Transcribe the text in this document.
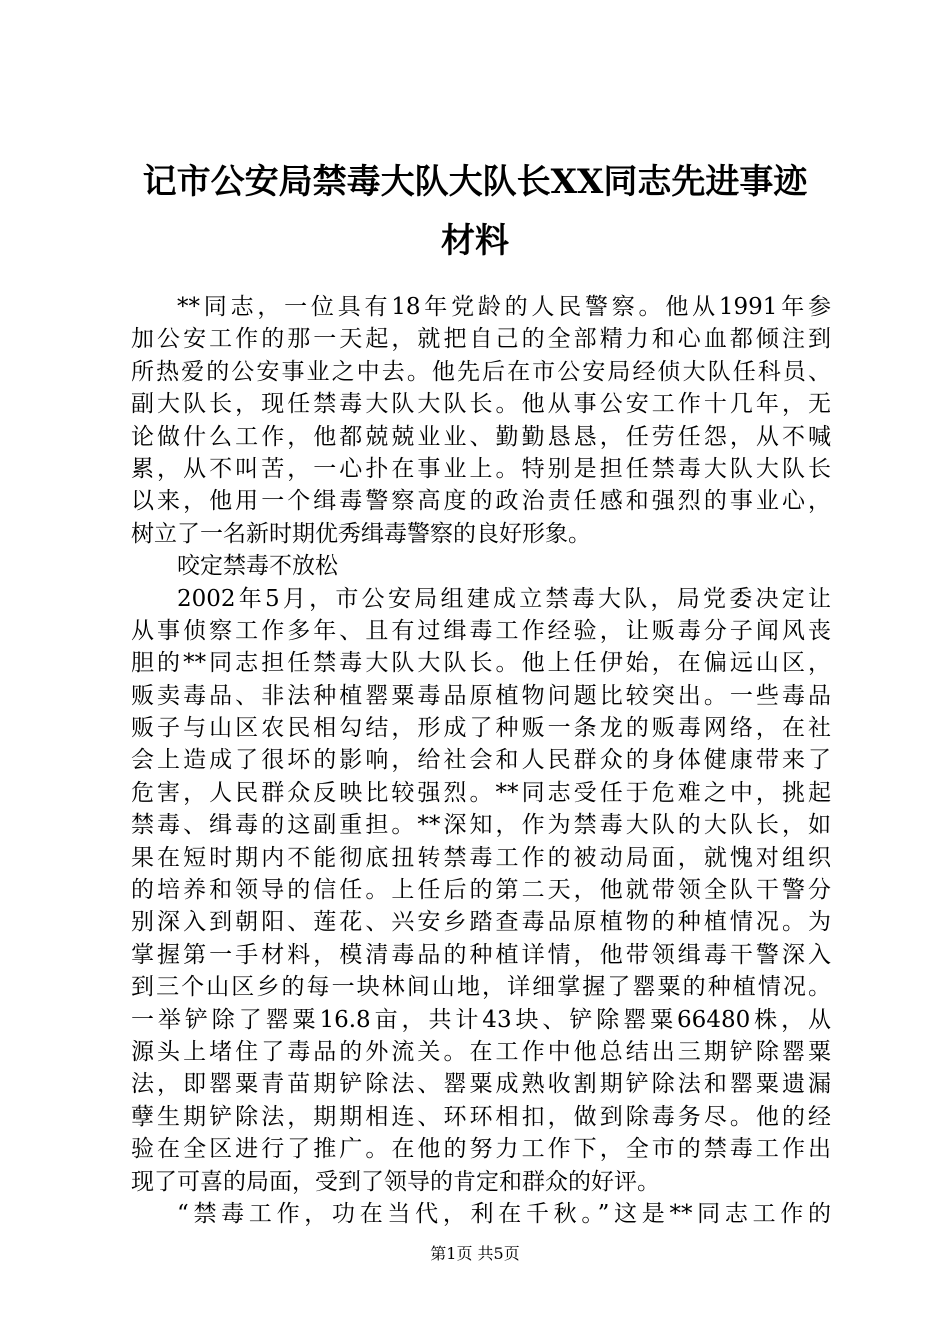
记市公安局禁毒大队大队长XX同志先进事迹
材料
**同志，一位具有18年党龄的人民警察。他从1991年参
加公安工作的那一天起，就把自己的全部精力和心血都倾注到
所热爱的公安事业之中去。他先后在市公安局经侦大队任科员、
副大队长，现任禁毒大队大队长。他从事公安工作十几年，无
论做什么工作，他都兢兢业业、勤勤恳恳，任劳任怨，从不喊
累，从不叫苦，一心扑在事业上。特别是担任禁毒大队大队长
以来，他用一个缉毒警察高度的政治责任感和强烈的事业心，
树立了一名新时期优秀缉毒警察的良好形象。
咬定禁毒不放松
2002年5月，市公安局组建成立禁毒大队，局党委决定让
从事侦察工作多年、且有过缉毒工作经验，让贩毒分子闻风丧
胆的**同志担任禁毒大队大队长。他上任伊始，在偏远山区，
贩卖毒品、非法种植罂粟毒品原植物问题比较突出。一些毒品
贩子与山区农民相勾结，形成了种贩一条龙的贩毒网络，在社
会上造成了很坏的影响，给社会和人民群众的身体健康带来了
危害，人民群众反映比较强烈。**同志受任于危难之中，挑起
禁毒、缉毒的这副重担。**深知，作为禁毒大队的大队长，如
果在短时期内不能彻底扭转禁毒工作的被动局面，就愧对组织
的培养和领导的信任。上任后的第二天，他就带领全队干警分
别深入到朝阳、莲花、兴安乡踏查毒品原植物的种植情况。为
掌握第一手材料，模清毒品的种植详情，他带领缉毒干警深入
到三个山区乡的每一块林间山地，详细掌握了罂粟的种植情况。
一举铲除了罂粟16.8亩，共计43块、铲除罂粟66480株，从
源头上堵住了毒品的外流关。在工作中他总结出三期铲除罂粟
法，即罂粟青苗期铲除法、罂粟成熟收割期铲除法和罂粟遗漏
孽生期铲除法，期期相连、环环相扣，做到除毒务尽。他的经
验在全区进行了推广。在他的努力工作下，全市的禁毒工作出
现了可喜的局面，受到了领导的肯定和群众的好评。
“禁毒工作，功在当代，利在千秋。”这是**同志工作的
第1页 共5页
